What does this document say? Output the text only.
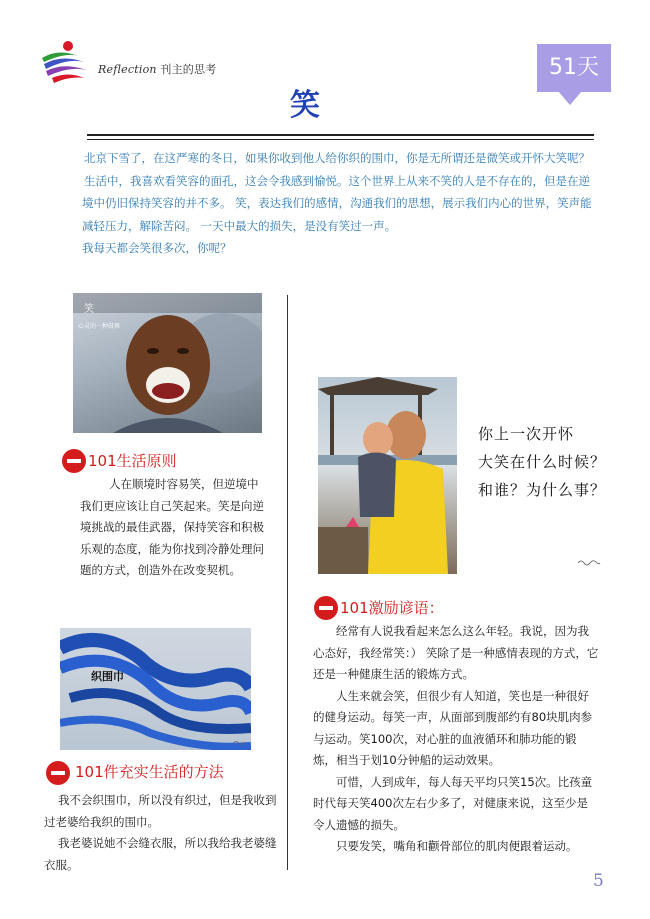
Reflection 刊主的思考	51天
笑

北京下雪了，在这严寒的冬日，如果你收到他人给你织的围巾，你是无所谓还是微笑或开怀大笑呢？

生活中，我喜欢看笑容的面孔，这会令我感到愉悦。这个世界上从来不笑的人是不存在的，但是在逆境中仍旧保持笑容的并不多。 笑，表达我们的感情，沟通我们的思想，展示我们内心的世界，笑声能减轻压力，解除苦闷。 一天中最大的损失，是没有笑过一声。

我每天都会笑很多次，你呢？

笑
心灵的一种鼓舞
你上一次开怀
大笑在什么时候？
和谁？为什么事？
101生活原则

人在顺境时容易笑，但逆境中我们更应该让自己笑起来。笑是向逆境挑战的最佳武器，保持笑容和积极乐观的态度，能为你找到冷静处理问题的方式，创造外在改变契机。

织围巾
101激励谚语：

经常有人说我看起来怎么这么年轻。我说，因为我心态好，我经常笑：） 笑除了是一种感情表现的方式，它还是一种健康生活的锻炼方式。

人生来就会笑，但很少有人知道，笑也是一种很好的健身运动。每笑一声，从面部到腹部约有80块肌肉参与运动。笑100次，对心脏的血液循环和肺功能的锻炼，相当于划10分钟船的运动效果。

可惜，人到成年，每人每天平均只笑15次。比孩童时代每天笑400次左右少多了，对健康来说，这至少是令人遗憾的损失。

只要发笑，嘴角和颧骨部位的肌肉便跟着运动。

101件充实生活的方法

我不会织围巾，所以没有织过，但是我收到过老婆给我织的围巾。

我老婆说她不会缝衣服，所以我给我老婆缝衣服。

5
